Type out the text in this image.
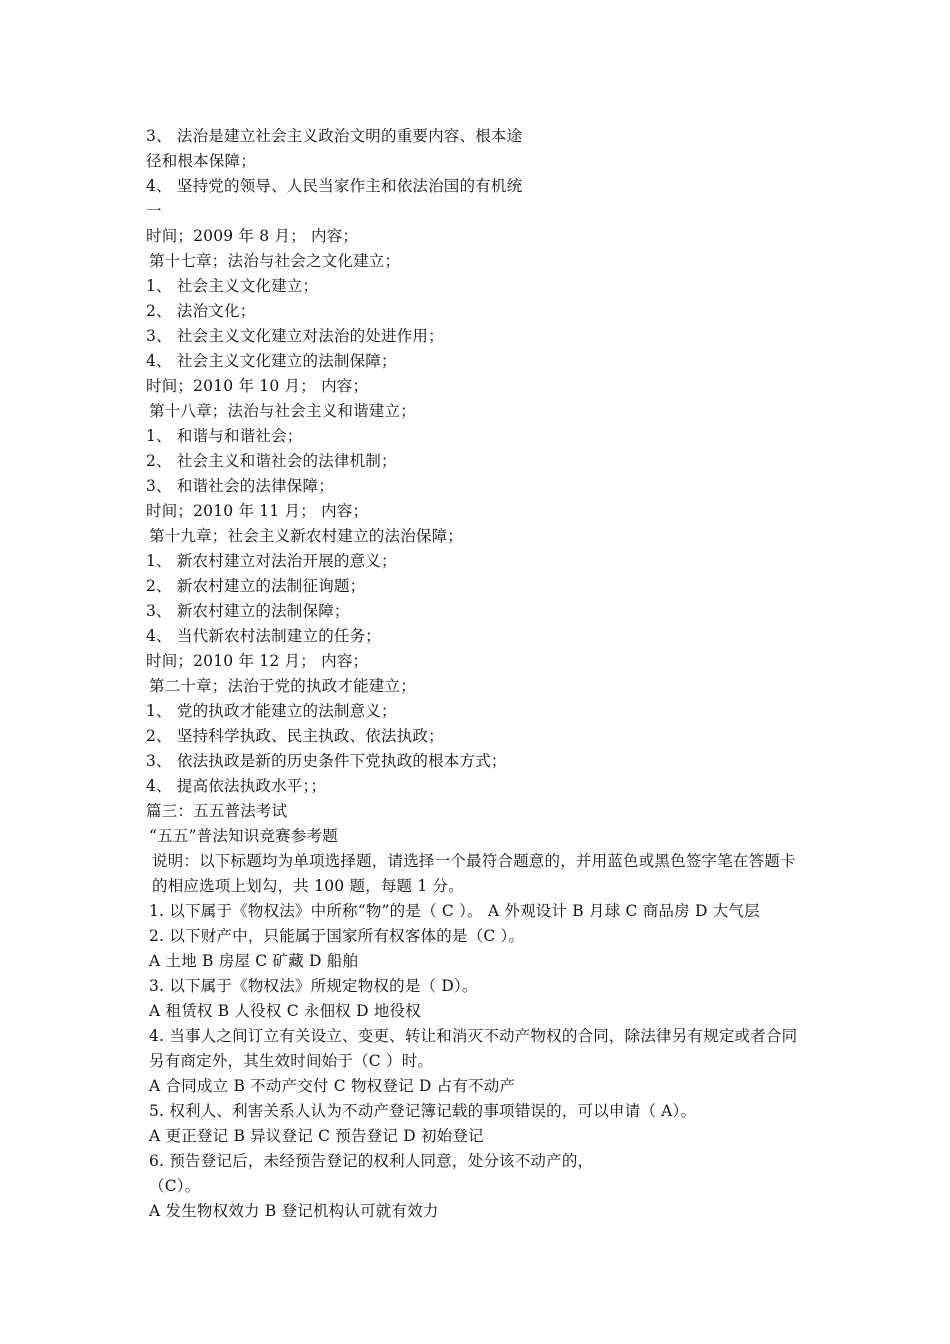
3、 法治是建立社会主义政治文明的重要内容、根本途
径和根本保障；
4、 坚持党的领导、人民当家作主和依法治国的有机统
一
时间；2009 年 8 月； 内容；
第十七章；法治与社会之文化建立；
1、 社会主义文化建立；
2、 法治文化；
3、 社会主义文化建立对法治的处进作用；
4、 社会主义文化建立的法制保障；
时间；2010 年 10 月； 内容；
第十八章；法治与社会主义和谐建立；
1、 和谐与和谐社会；
2、 社会主义和谐社会的法律机制；
3、 和谐社会的法律保障；
时间；2010 年 11 月； 内容；
第十九章；社会主义新农村建立的法治保障；
1、 新农村建立对法治开展的意义；
2、 新农村建立的法制征询题；
3、 新农村建立的法制保障；
4、 当代新农村法制建立的任务；
时间；2010 年 12 月； 内容；
第二十章；法治于党的执政才能建立；
1、 党的执政才能建立的法制意义；
2、 坚持科学执政、民主执政、依法执政；
3、 依法执政是新的历史条件下党执政的根本方式；
4、 提高依法执政水平；；
篇三：五五普法考试
“五五”普法知识竞赛参考题
说明：以下标题均为单项选择题，请选择一个最符合题意的，并用蓝色或黑色签字笔在答题卡的相应选项上划勾，共 100 题，每题 1 分。
1. 以下属于《物权法》中所称“物”的是（ C ）。 A 外观设计 B 月球 C 商品房 D 大气层
2. 以下财产中，只能属于国家所有权客体的是（C ）。
A 土地 B 房屋 C 矿藏 D 船舶
3. 以下属于《物权法》所规定物权的是（ D）。
A 租赁权 B 人役权 C 永佃权 D 地役权
4. 当事人之间订立有关设立、变更、转让和消灭不动产物权的合同，除法律另有规定或者合同另有商定外，其生效时间始于（C ）时。
A 合同成立 B 不动产交付 C 物权登记 D 占有不动产
5. 权利人、利害关系人认为不动产登记簿记载的事项错误的，可以申请（ A）。
A 更正登记 B 异议登记 C 预告登记 D 初始登记
6. 预告登记后，未经预告登记的权利人同意，处分该不动产的，
（C）。
A 发生物权效力 B 登记机构认可就有效力
